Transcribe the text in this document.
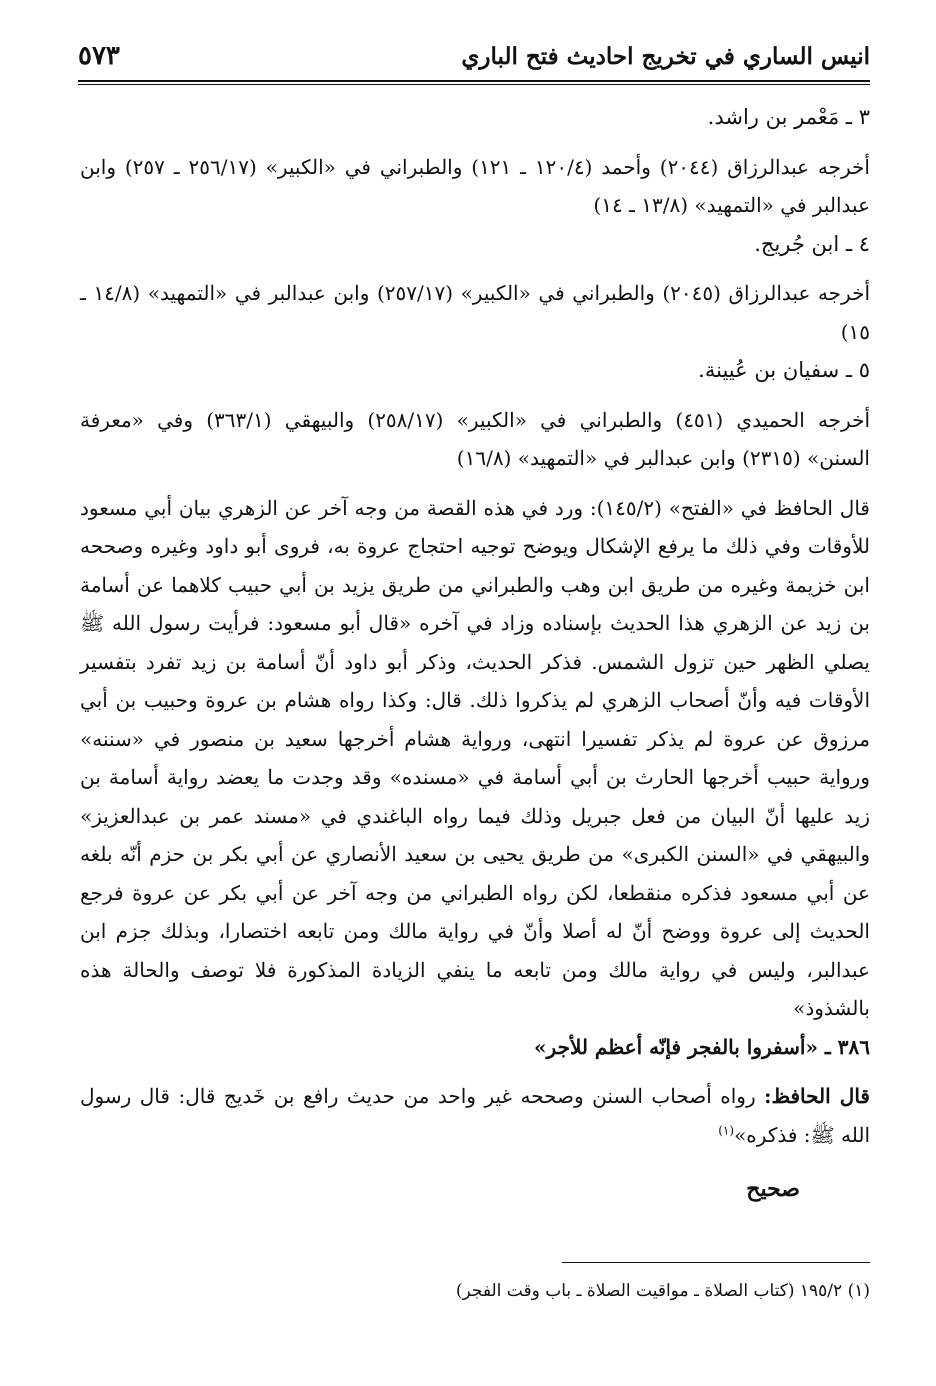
٥٧٣	انيس الساري في تخريج احاديث فتح الباري

٣ ـ مَعْمر بن راشد.

أخرجه عبدالرزاق (٢٠٤٤) وأحمد (١٢٠/٤ ـ ١٢١) والطبراني في «الكبير» (٢٥٦/١٧ ـ ٢٥٧) وابن عبدالبر في «التمهيد» (١٣/٨ ـ ١٤)

٤ ـ ابن جُريج.

أخرجه عبدالرزاق (٢٠٤٥) والطبراني في «الكبير» (٢٥٧/١٧) وابن عبدالبر في «التمهيد» (١٤/٨ ـ ١٥)

٥ ـ سفيان بن عُيينة.

أخرجه الحميدي (٤٥١) والطبراني في «الكبير» (٢٥٨/١٧) والبيهقي (٣٦٣/١) وفي «معرفة السنن» (٢٣١٥) وابن عبدالبر في «التمهيد» (١٦/٨)

قال الحافظ في «الفتح» (١٤٥/٢): ورد في هذه القصة من وجه آخر عن الزهري بيان أبي مسعود للأوقات وفي ذلك ما يرفع الإشكال ويوضح توجيه احتجاج عروة به، فروى أبو داود وغيره وصححه ابن خزيمة وغيره من طريق ابن وهب والطبراني من طريق يزيد بن أبي حبيب كلاهما عن أسامة بن زيد عن الزهري هذا الحديث بإسناده وزاد في آخره «قال أبو مسعود: فرأيت رسول الله ﷺ يصلي الظهر حين تزول الشمس. فذكر الحديث، وذكر أبو داود أنّ أسامة بن زيد تفرد بتفسير الأوقات فيه وأنّ أصحاب الزهري لم يذكروا ذلك. قال: وكذا رواه هشام بن عروة وحبيب بن أبي مرزوق عن عروة لم يذكر تفسيرا انتهى، ورواية هشام أخرجها سعيد بن منصور في «سننه» ورواية حبيب أخرجها الحارث بن أبي أسامة في «مسنده» وقد وجدت ما يعضد رواية أسامة بن زيد عليها أنّ البيان من فعل جبريل وذلك فيما رواه الباغندي في «مسند عمر بن عبدالعزيز» والبيهقي في «السنن الكبرى» من طريق يحيى بن سعيد الأنصاري عن أبي بكر بن حزم أنّه بلغه عن أبي مسعود فذكره منقطعا، لكن رواه الطبراني من وجه آخر عن أبي بكر عن عروة فرجع الحديث إلى عروة ووضح أنّ له أصلا وأنّ في رواية مالك ومن تابعه اختصارا، وبذلك جزم ابن عبدالبر، وليس في رواية مالك ومن تابعه ما ينفي الزيادة المذكورة فلا توصف والحالة هذه بالشذوذ»

٣٨٦ ـ «أسفروا بالفجر فإنّه أعظم للأجر»

قال الحافظ: رواه أصحاب السنن وصححه غير واحد من حديث رافع بن خَديج قال: قال رسول الله ﷺ: فذكره»$^{(١)}$

صحيح

(١) ١٩٥/٢ (كتاب الصلاة ـ مواقيت الصلاة ـ باب وقت الفجر)
